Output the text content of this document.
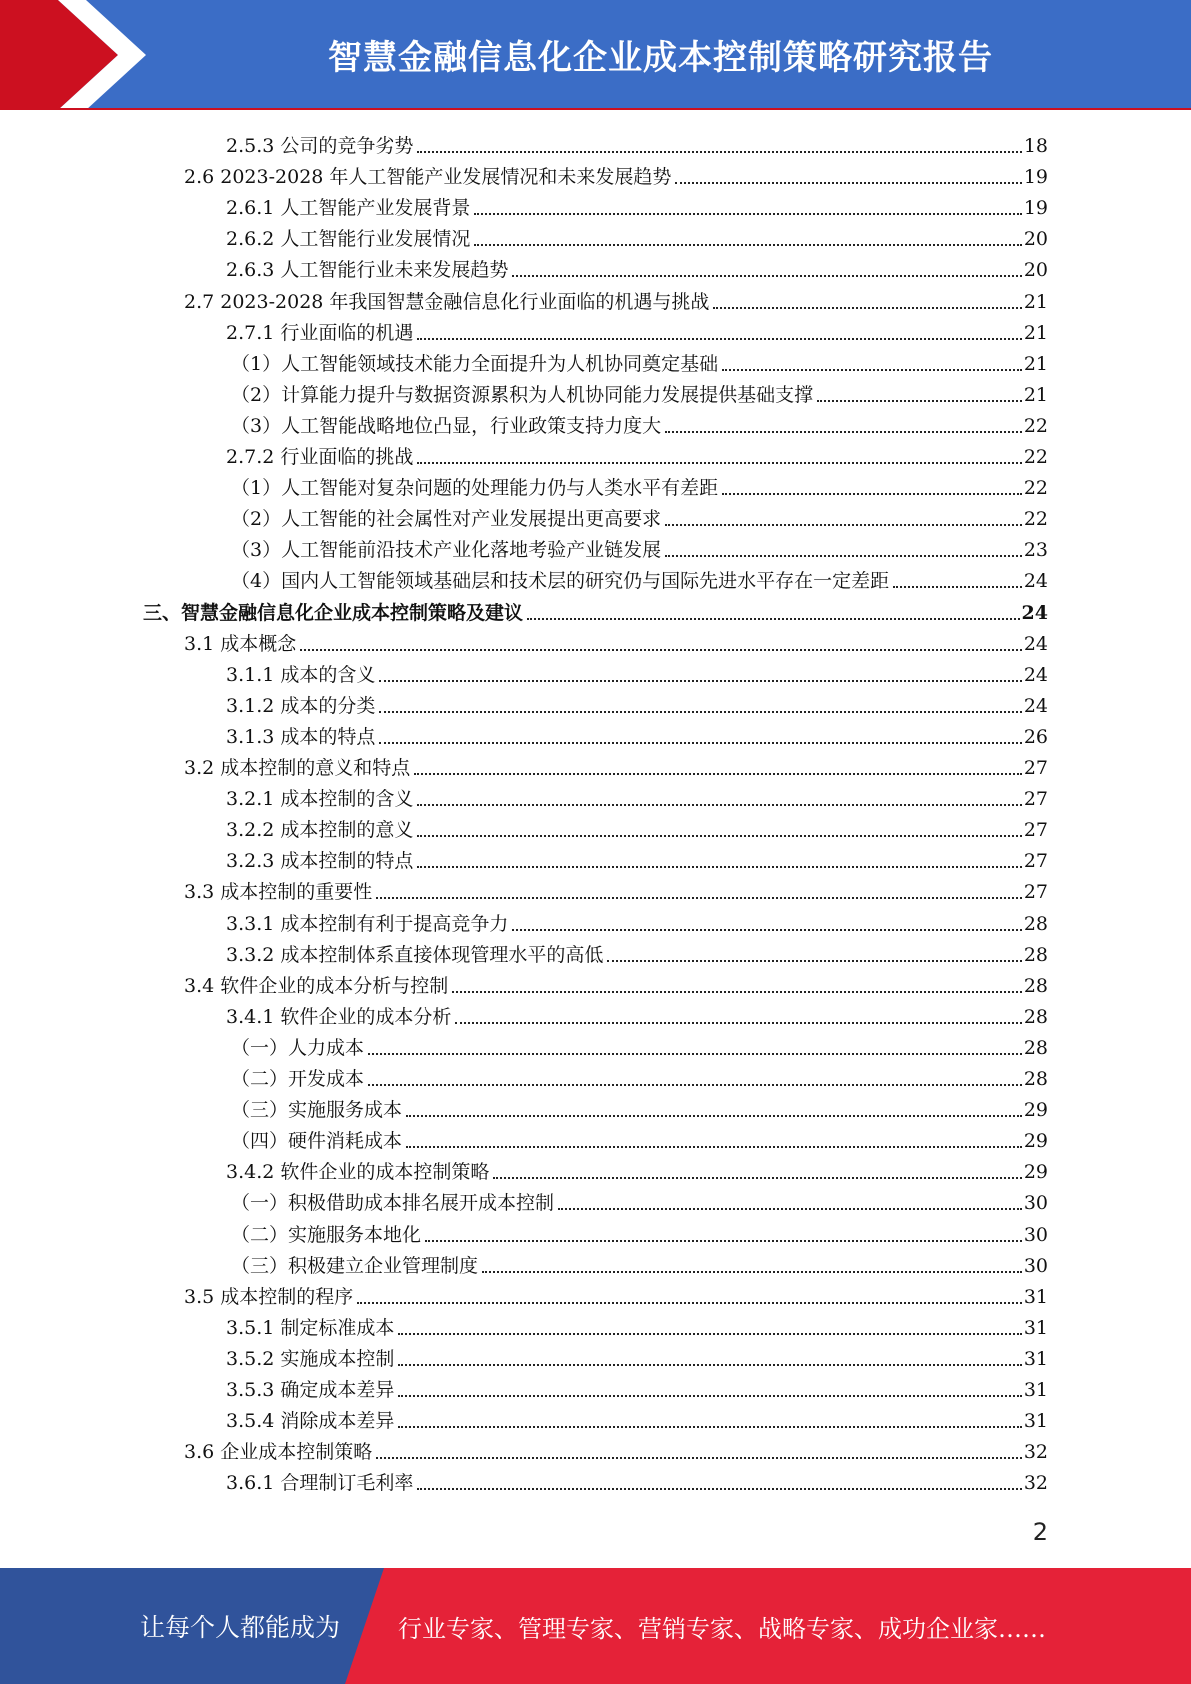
智慧金融信息化企业成本控制策略研究报告
2.5.3 公司的竞争劣势	18
2.6 2023-2028 年人工智能产业发展情况和未来发展趋势	19
2.6.1 人工智能产业发展背景	19
2.6.2 人工智能行业发展情况	20
2.6.3 人工智能行业未来发展趋势	20
2.7 2023-2028 年我国智慧金融信息化行业面临的机遇与挑战	21
2.7.1 行业面临的机遇	21
（1）人工智能领域技术能力全面提升为人机协同奠定基础	21
（2）计算能力提升与数据资源累积为人机协同能力发展提供基础支撑	21
（3）人工智能战略地位凸显，行业政策支持力度大	22
2.7.2 行业面临的挑战	22
（1）人工智能对复杂问题的处理能力仍与人类水平有差距	22
（2）人工智能的社会属性对产业发展提出更高要求	22
（3）人工智能前沿技术产业化落地考验产业链发展	23
（4）国内人工智能领域基础层和技术层的研究仍与国际先进水平存在一定差距	24
三、智慧金融信息化企业成本控制策略及建议	24
3.1 成本概念	24
3.1.1 成本的含义	24
3.1.2 成本的分类	24
3.1.3 成本的特点	26
3.2 成本控制的意义和特点	27
3.2.1 成本控制的含义	27
3.2.2 成本控制的意义	27
3.2.3 成本控制的特点	27
3.3 成本控制的重要性	27
3.3.1 成本控制有利于提高竞争力	28
3.3.2 成本控制体系直接体现管理水平的高低	28
3.4 软件企业的成本分析与控制	28
3.4.1 软件企业的成本分析	28
（一）人力成本	28
（二）开发成本	28
（三）实施服务成本	29
（四）硬件消耗成本	29
3.4.2 软件企业的成本控制策略	29
（一）积极借助成本排名展开成本控制	30
（二）实施服务本地化	30
（三）积极建立企业管理制度	30
3.5 成本控制的程序	31
3.5.1 制定标准成本	31
3.5.2 实施成本控制	31
3.5.3 确定成本差异	31
3.5.4 消除成本差异	31
3.6 企业成本控制策略	32
3.6.1 合理制订毛利率	32
2
让每个人都能成为 行业专家、管理专家、营销专家、战略专家、成功企业家……
